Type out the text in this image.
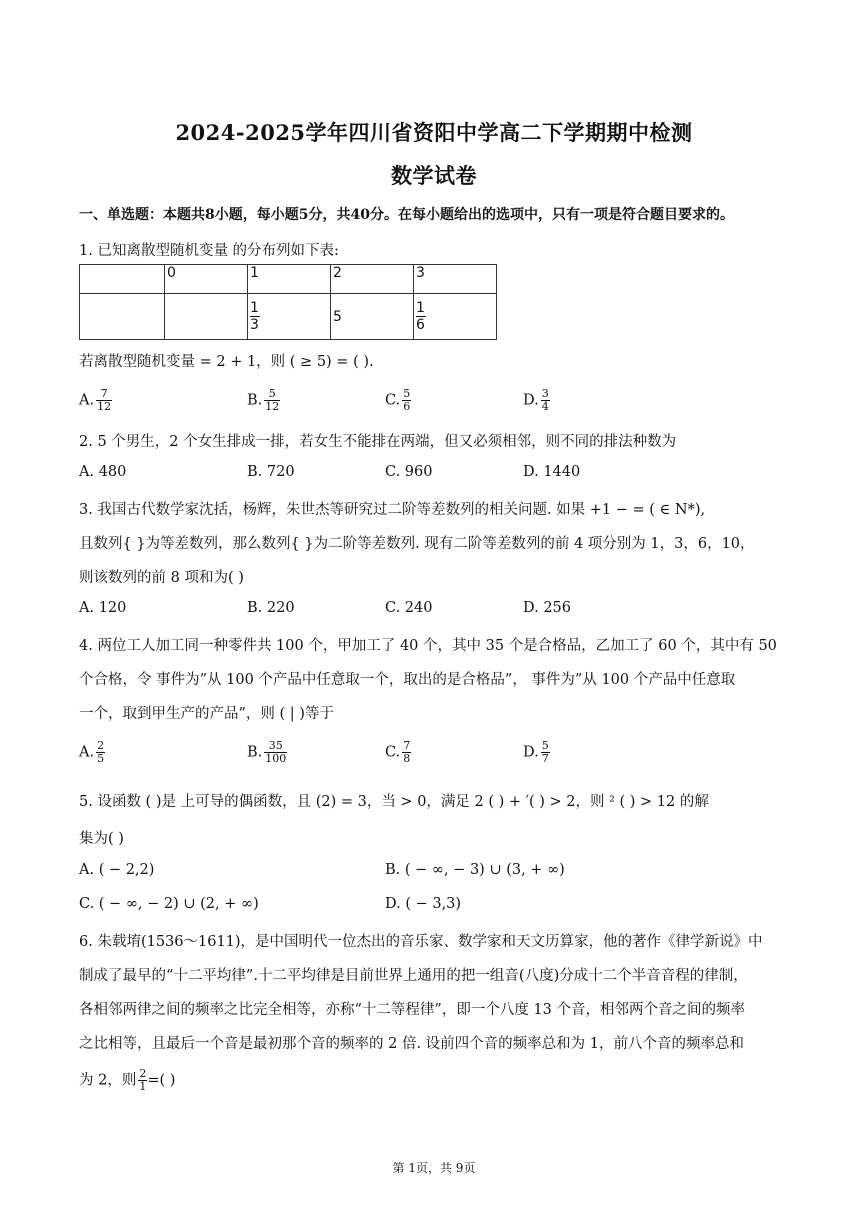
2024-2025学年四川省资阳中学高二下学期期中检测
数学试卷
一、单选题：本题共8小题，每小题5分，共40分。在每小题给出的选项中，只有一项是符合题目要求的。
1. 已知离散型随机变量 的分布列如下表:
	0	1	2	3

		$\frac{1}{3}$	5	$\frac{1}{6}$
若离散型随机变量 = 2 + 1，则 ( ≥ 5) = ( ).
A. $\frac{7}{12}$	B. $\frac{5}{12}$	C. $\frac{5}{6}$	D. $\frac{3}{4}$
2. 5 个男生，2 个女生排成一排，若女生不能排在两端，但又必须相邻，则不同的排法种数为
A. 480	B. 720	C. 960	D. 1440
3. 我国古代数学家沈括，杨辉，朱世杰等研究过二阶等差数列的相关问题. 如果 +1 − = ( ∈ N*),
且数列{ }为等差数列，那么数列{ }为二阶等差数列. 现有二阶等差数列的前 4 项分别为 1，3，6，10，
则该数列的前 8 项和为( )
A. 120	B. 220	C. 240	D. 256
4. 两位工人加工同一种零件共 100 个，甲加工了 40 个，其中 35 个是合格品，乙加工了 60 个，其中有 50
个合格，令 事件为”从 100 个产品中任意取一个，取出的是合格品”， 事件为”从 100 个产品中任意取
一个，取到甲生产的产品”，则 ( | )等于
A. $\frac{2}{5}$	B. $\frac{35}{100}$	C. $\frac{7}{8}$	D. $\frac{5}{7}$
5. 设函数 ( )是 上可导的偶函数，且 (2) = 3，当 > 0，满足 2 ( ) + ′( ) > 2，则 ² ( ) > 12 的解
集为( )
A. ( − 2,2)	B. ( − ∞, − 3) ∪ (3, + ∞)
C. ( − ∞, − 2) ∪ (2, + ∞)	D. ( − 3,3)
6. 朱载堉(1536～1611)，是中国明代一位杰出的音乐家、数学家和天文历算家，他的著作《律学新说》中
制成了最早的“十二平均律”.十二平均律是目前世界上通用的把一组音(八度)分成十二个半音音程的律制，
各相邻两律之间的频率之比完全相等，亦称“十二等程律”，即一个八度 13 个音，相邻两个音之间的频率
之比相等，且最后一个音是最初那个音的频率的 2 倍. 设前四个音的频率总和为 1，前八个音的频率总和
为 2，则 $\frac{2}{1}$ =( )
第 1页，共 9页
